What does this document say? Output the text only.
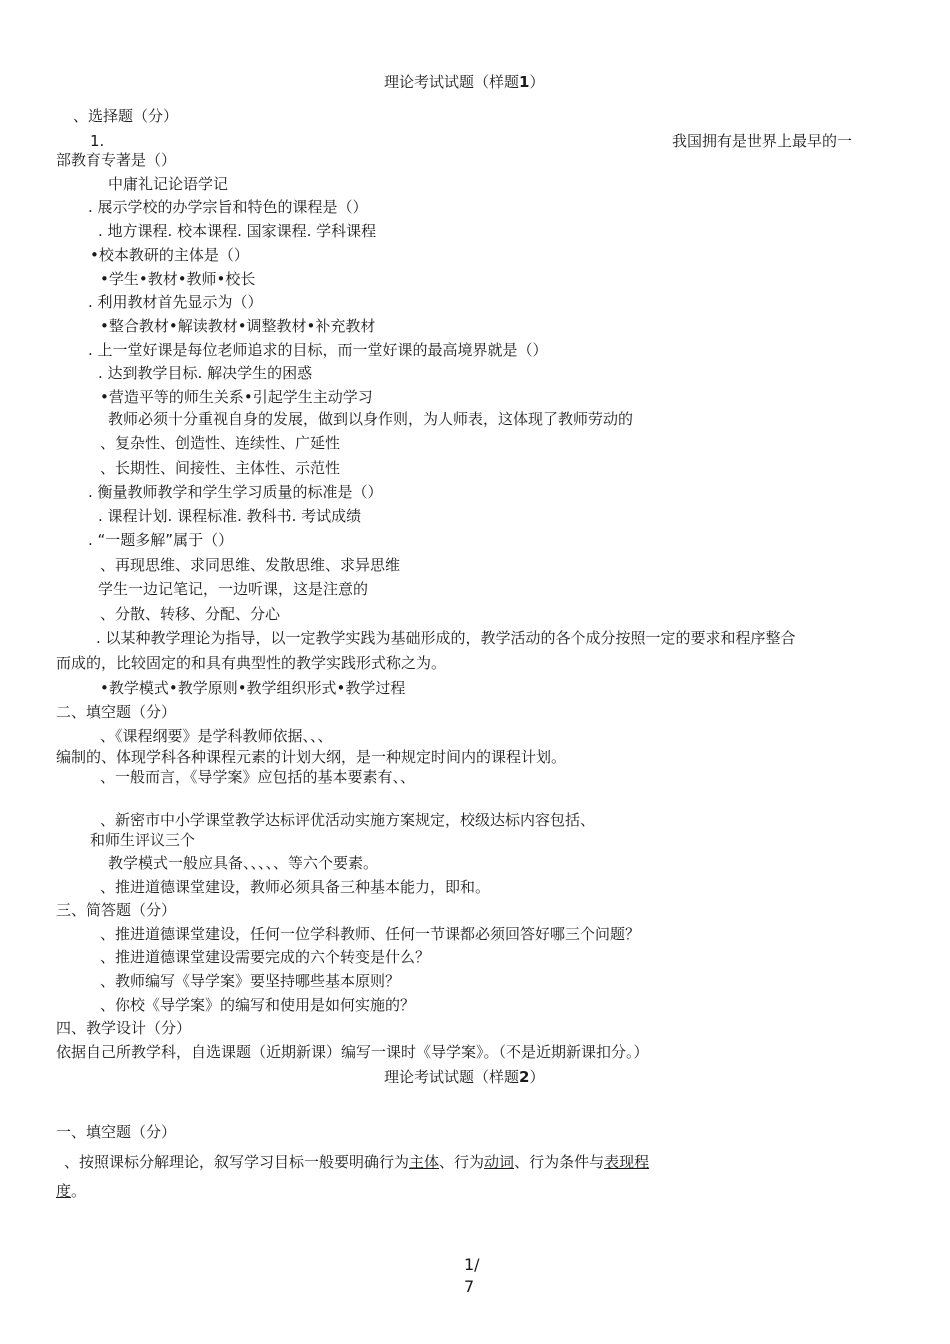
理论考试试题（样题1）
、选择题（分）
1.	我国拥有是世界上最早的一
部教育专著是（）
中庸礼记论语学记
. 展示学校的办学宗旨和特色的课程是（）
. 地方课程. 校本课程. 国家课程. 学科课程
•校本教研的主体是（）
•学生•教材•教师•校长
. 利用教材首先显示为（）
•整合教材•解读教材•调整教材•补充教材
. 上一堂好课是每位老师追求的目标，而一堂好课的最高境界就是（）
. 达到教学目标. 解决学生的困惑
•营造平等的师生关系•引起学生主动学习
教师必须十分重视自身的发展，做到以身作则，为人师表，这体现了教师劳动的
、复杂性、创造性、连续性、广延性
、长期性、间接性、主体性、示范性
. 衡量教师教学和学生学习质量的标准是（）
. 课程计划. 课程标准. 教科书. 考试成绩
. “一题多解”属于（）
、再现思维、求同思维、发散思维、求异思维
学生一边记笔记，一边听课，这是注意的
、分散、转移、分配、分心
. 以某种教学理论为指导，以一定教学实践为基础形成的，教学活动的各个成分按照一定的要求和程序整合
而成的，比较固定的和具有典型性的教学实践形式称之为。
•教学模式•教学原则•教学组织形式•教学过程
二、填空题（分）
、《课程纲要》是学科教师依据、、、
编制的、体现学科各种课程元素的计划大纲，是一种规定时间内的课程计划。
、一般而言，《导学案》应包括的基本要素有、、
、新密市中小学课堂教学达标评优活动实施方案规定，校级达标内容包括、
和师生评议三个
教学模式一般应具备、、、、、等六个要素。
、推进道德课堂建设，教师必须具备三种基本能力，即和。
三、简答题（分）
、推进道德课堂建设，任何一位学科教师、任何一节课都必须回答好哪三个问题？
、推进道德课堂建设需要完成的六个转变是什么？
、教师编写《导学案》要坚持哪些基本原则？
、你校《导学案》的编写和使用是如何实施的？
四、教学设计（分）
依据自己所教学科，自选课题（近期新课）编写一课时《导学案》。（不是近期新课扣分。）
理论考试试题（样题2）
一、填空题（分）
、按照课标分解理论，叙写学习目标一般要明确行为主体、行为动词、行为条件与表现程
度。
1/
7
